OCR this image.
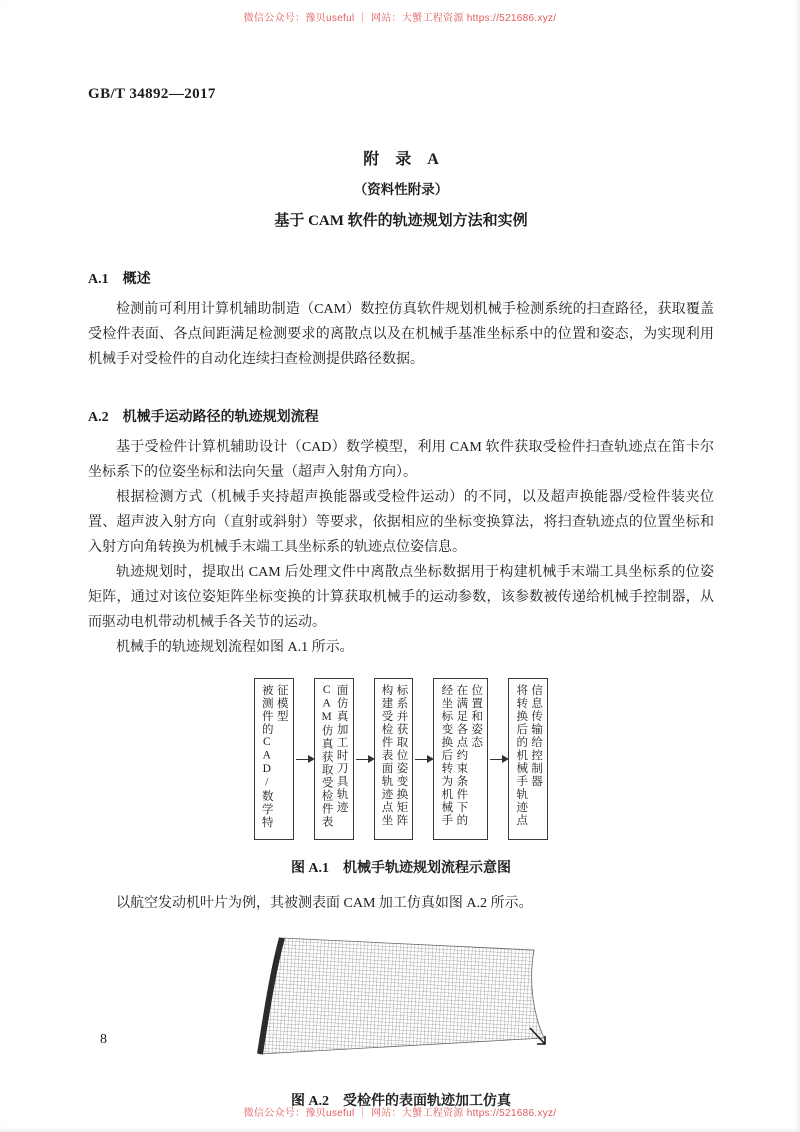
微信公众号：豫贝useful ｜ 网站：大蟹工程资源 https://521686.xyz/
GB/T 34892—2017
附　录　A
（资料性附录）
基于 CAM 软件的轨迹规划方法和实例
A.1　概述

检测前可利用计算机辅助制造（CAM）数控仿真软件规划机械手检测系统的扫查路径，获取覆盖受检件表面、各点间距满足检测要求的离散点以及在机械手基准坐标系中的位置和姿态，为实现利用机械手对受检件的自动化连续扫查检测提供路径数据。

A.2　机械手运动路径的轨迹规划流程

基于受检件计算机辅助设计（CAD）数学模型，利用 CAM 软件获取受检件扫查轨迹点在笛卡尔坐标系下的位姿坐标和法向矢量（超声入射角方向）。

根据检测方式（机械手夹持超声换能器或受检件运动）的不同，以及超声换能器/受检件装夹位置、超声波入射方向（直射或斜射）等要求，依据相应的坐标变换算法，将扫查轨迹点的位置坐标和入射方向角转换为机械手末端工具坐标系的轨迹点位姿信息。

轨迹规划时，提取出 CAM 后处理文件中离散点坐标数据用于构建机械手末端工具坐标系的位姿矩阵，通过对该位姿矩阵坐标变换的计算获取机械手的运动参数，该参数被传递给机械手控制器，从而驱动电机带动机械手各关节的运动。

机械手的轨迹规划流程如图 A.1 所示。

被测件的CAD/数学特征模型	CAM仿真获取受检件表面仿真加工时刀具轨迹	构建受检件表面轨迹点坐标系并获取位姿变换矩阵	经坐标变换后转为机械手在满足各点约束条件下的位置和姿态	将转换后的机械手轨迹点信息传输给控制器
图 A.1　机械手轨迹规划流程示意图

以航空发动机叶片为例，其被测表面 CAM 加工仿真如图 A.2 所示。

图 A.2　受检件的表面轨迹加工仿真
8
微信公众号：豫贝useful ｜ 网站：大蟹工程资源 https://521686.xyz/
